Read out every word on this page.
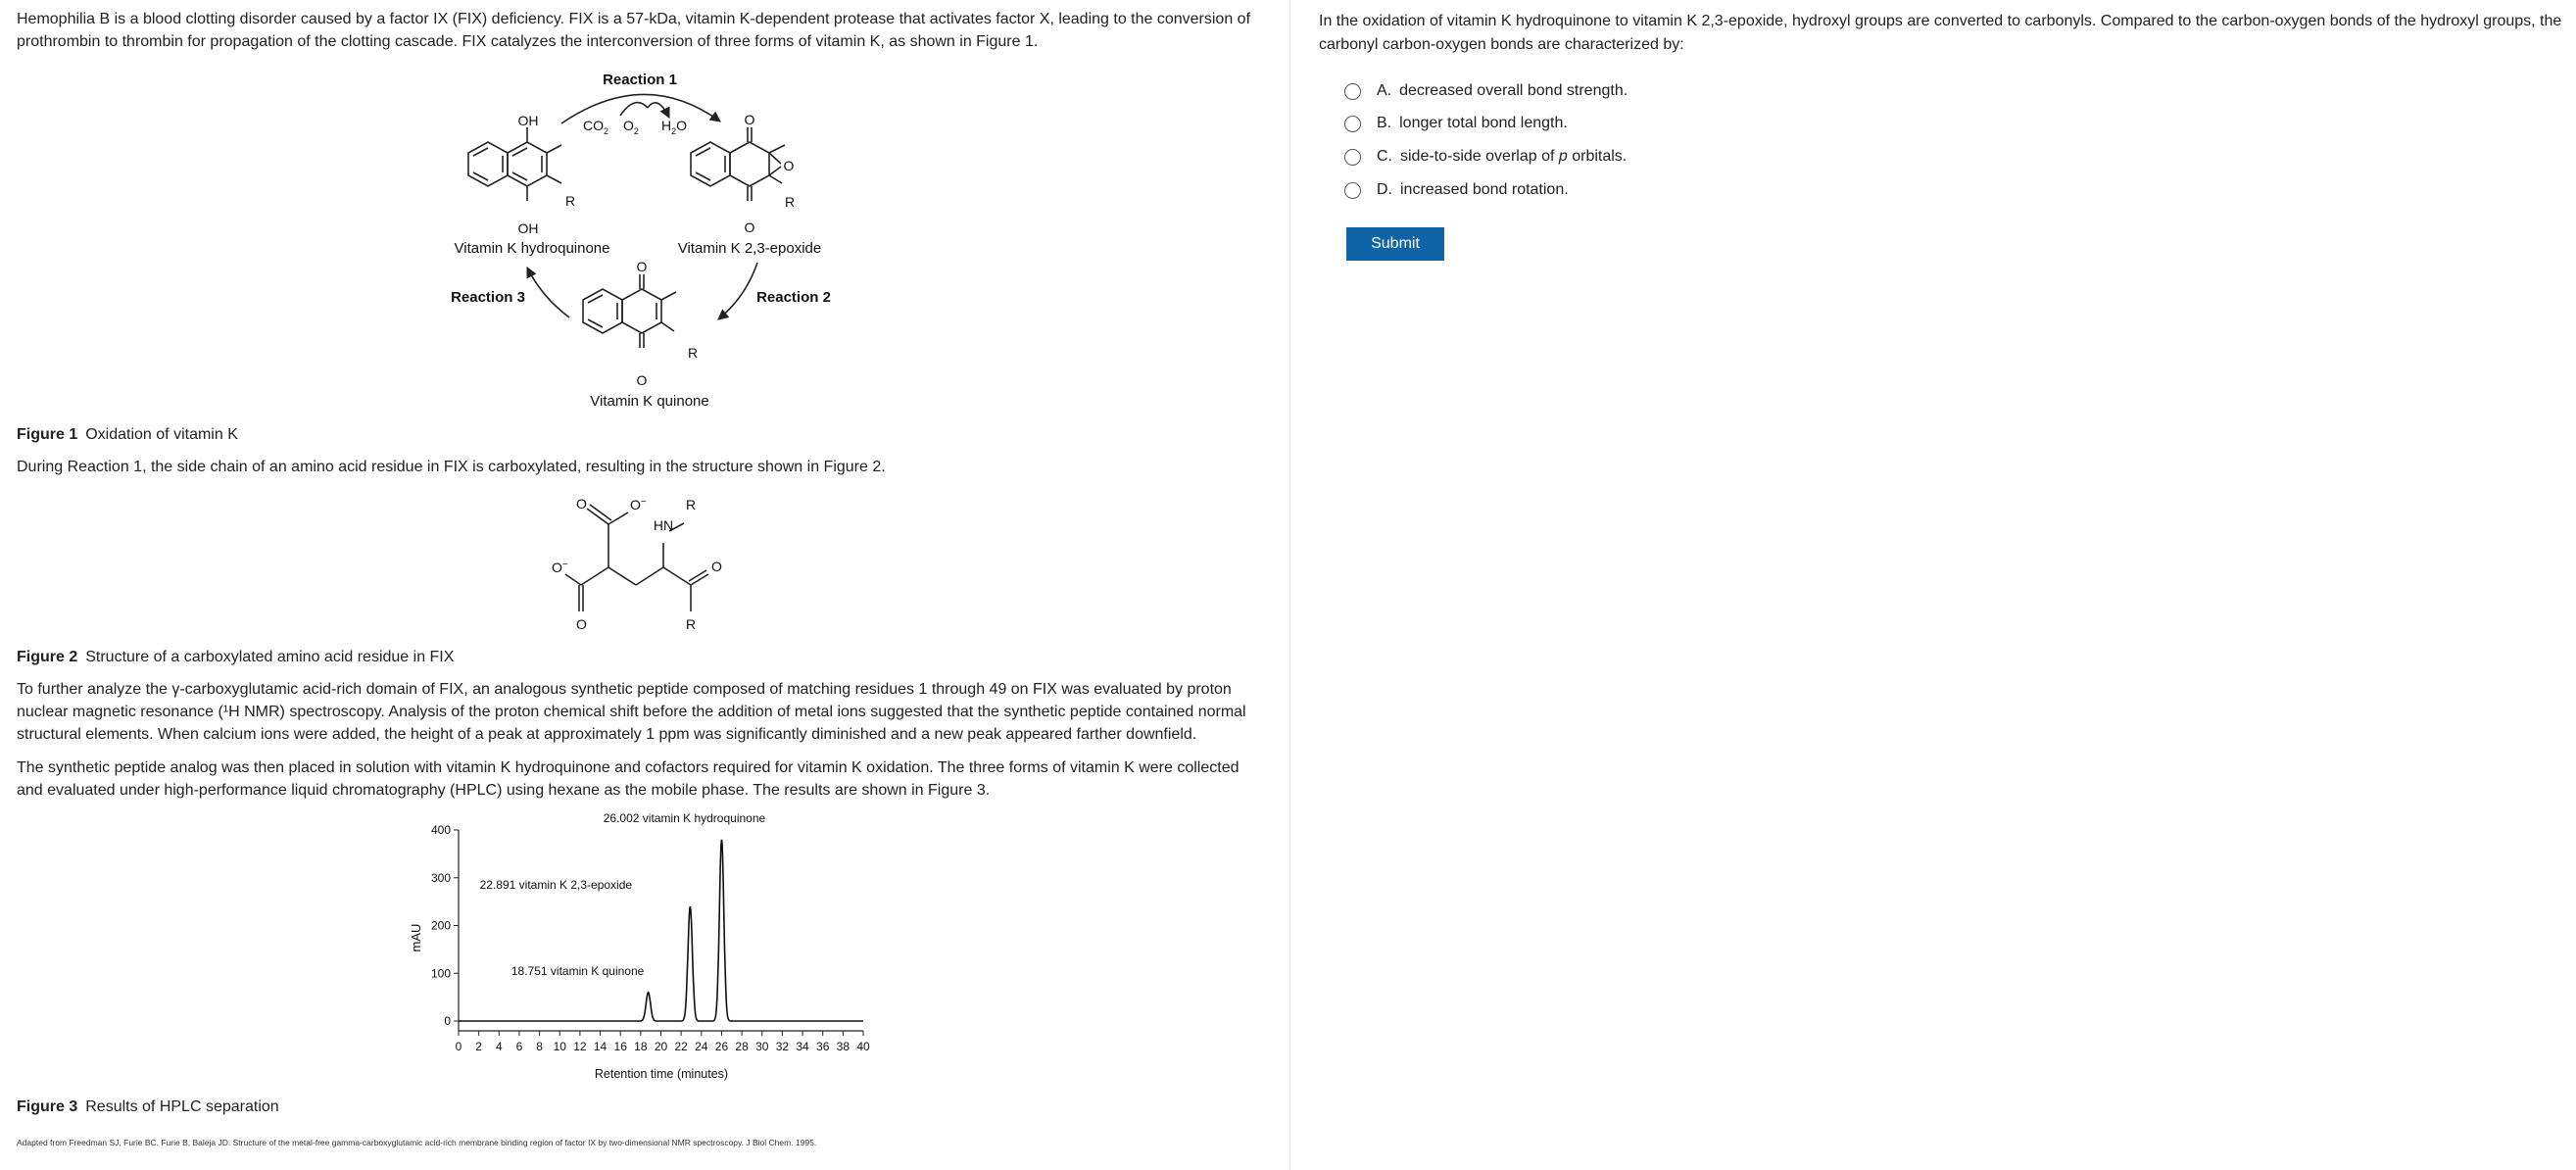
Hemophilia B is a blood clotting disorder caused by a factor IX (FIX) deficiency. FIX is a 57-kDa, vitamin K-dependent protease that activates factor X, leading to the conversion of prothrombin to thrombin for propagation of the clotting cascade. FIX catalyzes the interconversion of three forms of vitamin K, as shown in Figure 1.

Reaction 1
$CO_2$ $O_2$ $H_2O$
OH
R
OH
Vitamin K hydroquinone
O
O
R
O
Vitamin K 2,3-epoxide
Reaction 3	Reaction 2
O
R
O
Vitamin K quinone

Figure 1 Oxidation of vitamin K

During Reaction 1, the side chain of an amino acid residue in FIX is carboxylated, resulting in the structure shown in Figure 2.

O	O−
HN
R
O
R
O−
O

Figure 2 Structure of a carboxylated amino acid residue in FIX

To further analyze the γ-carboxyglutamic acid-rich domain of FIX, an analogous synthetic peptide composed of matching residues 1 through 49 on FIX was evaluated by proton nuclear magnetic resonance (¹H NMR) spectroscopy. Analysis of the proton chemical shift before the addition of metal ions suggested that the synthetic peptide contained normal structural elements. When calcium ions were added, the height of a peak at approximately 1 ppm was significantly diminished and a new peak appeared farther downfield.

The synthetic peptide analog was then placed in solution with vitamin K hydroquinone and cofactors required for vitamin K oxidation. The three forms of vitamin K were collected and evaluated under high-performance liquid chromatography (HPLC) using hexane as the mobile phase. The results are shown in Figure 3.

mAU
Retention time (minutes)
0
100
200
300
400
0 2 4 6 8 10 12 14 16 18 20 22 24 26 28 30 32 34 36 38 40
18.751 vitamin K quinone
22.891 vitamin K 2,3-epoxide
26.002 vitamin K hydroquinone

Figure 3 Results of HPLC separation

Adapted from Freedman SJ, Furie BC, Furie B, Baleja JD. Structure of the metal-free gamma-carboxyglutamic acid-rich membrane binding region of factor IX by two-dimensional NMR spectroscopy. J Biol Chem. 1995.

In the oxidation of vitamin K hydroquinone to vitamin K 2,3-epoxide, hydroxyl groups are converted to carbonyls. Compared to the carbon-oxygen bonds of the hydroxyl groups, the carbonyl carbon-oxygen bonds are characterized by:

A. decreased overall bond strength.
B. longer total bond length.
C. side-to-side overlap of p orbitals.
D. increased bond rotation.
Submit
